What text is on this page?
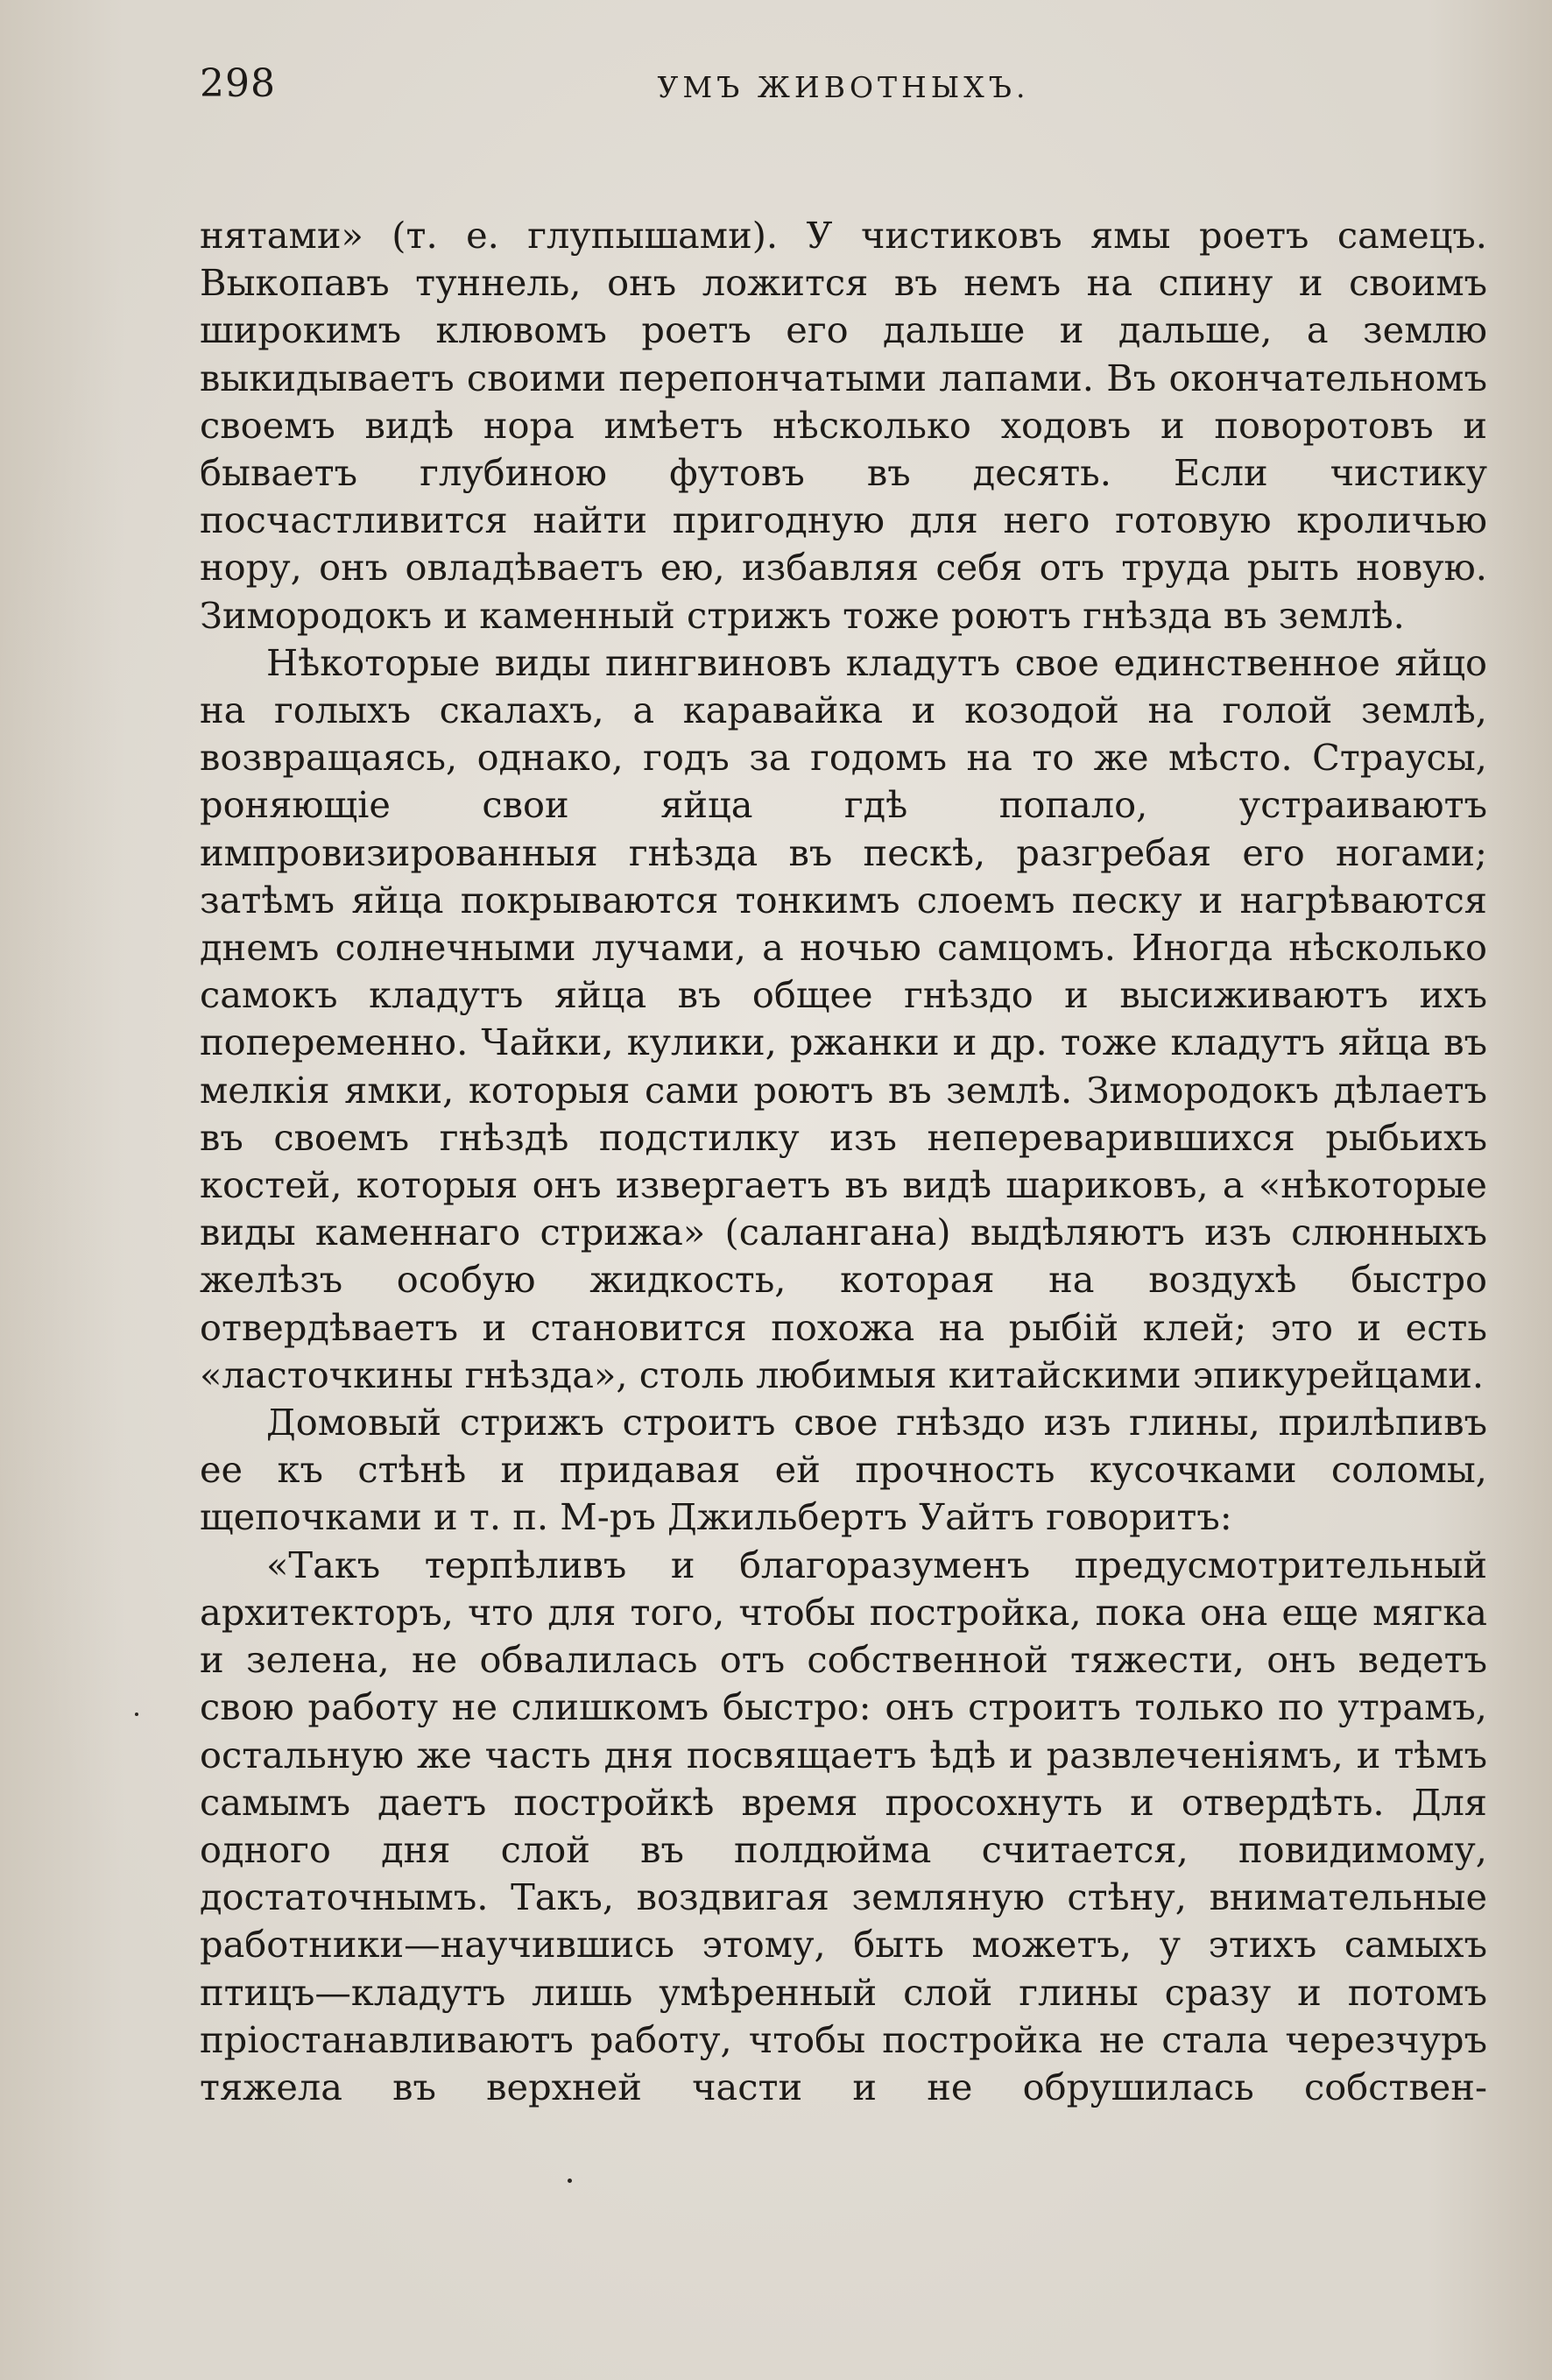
298	УМЪ ЖИВОТНЫХЪ.

нятами» (т. е. глупышами). У чистиковъ ямы роетъ самецъ. Выкопавъ туннель, онъ ложится въ немъ на спину и своимъ широкимъ клювомъ роетъ его дальше и дальше, а землю выкидываетъ своими перепончатыми лапами. Въ окончательномъ своемъ видѣ нора имѣетъ нѣсколько ходовъ и поворотовъ и бываетъ глубиною футовъ въ десять. Если чистику посчастливится найти пригодную для него готовую кроличью нору, онъ овладѣваетъ ею, избавляя себя отъ труда рыть новую. Зимородокъ и каменный стрижъ тоже роютъ гнѣзда въ землѣ.

Нѣкоторые виды пингвиновъ кладутъ свое единственное яйцо на голыхъ скалахъ, а каравайка и козодой на голой землѣ, возвращаясь, однако, годъ за годомъ на то же мѣсто. Страусы, роняющіе свои яйца гдѣ попало, устраиваютъ импровизированныя гнѣзда въ пескѣ, разгребая его ногами; затѣмъ яйца покрываются тонкимъ слоемъ песку и нагрѣваются днемъ солнечными лучами, а ночью самцомъ. Иногда нѣсколько самокъ кладутъ яйца въ общее гнѣздо и высиживаютъ ихъ попеременно. Чайки, кулики, ржанки и др. тоже кладутъ яйца въ мелкія ямки, которыя сами роютъ въ землѣ. Зимородокъ дѣлаетъ въ своемъ гнѣздѣ подстилку изъ непереварившихся рыбьихъ костей, которыя онъ извергаетъ въ видѣ шариковъ, а «нѣкоторые виды каменнаго стрижа» (салангана) выдѣляютъ изъ слюнныхъ желѣзъ особую жидкость, которая на воздухѣ быстро отвердѣваетъ и становится похожа на рыбій клей; это и есть «ласточкины гнѣзда», столь любимыя китайскими эпикурейцами.

Домовый стрижъ строитъ свое гнѣздо изъ глины, прилѣпивъ ее къ стѣнѣ и придавая ей прочность кусочками соломы, щепочками и т. п. М-ръ Джильбертъ Уайтъ говоритъ:

«Такъ терпѣливъ и благоразуменъ предусмотрительный архитекторъ, что для того, чтобы постройка, пока она еще мягка и зелена, не обвалилась отъ собственной тяжести, онъ ведетъ свою работу не слишкомъ быстро: онъ строитъ только по утрамъ, остальную же часть дня посвящаетъ ѣдѣ и развлеченіямъ, и тѣмъ самымъ даетъ постройкѣ время просохнуть и отвердѣть. Для одного дня слой въ полдюйма считается, повидимому, достаточнымъ. Такъ, воздвигая земляную стѣну, внимательные работники—научившись этому, быть можетъ, у этихъ самыхъ птицъ—кладутъ лишь умѣренный слой глины сразу и потомъ пріостанавливаютъ работу, чтобы постройка не стала черезчуръ тяжела въ верхней части и не обрушилась собствен-
